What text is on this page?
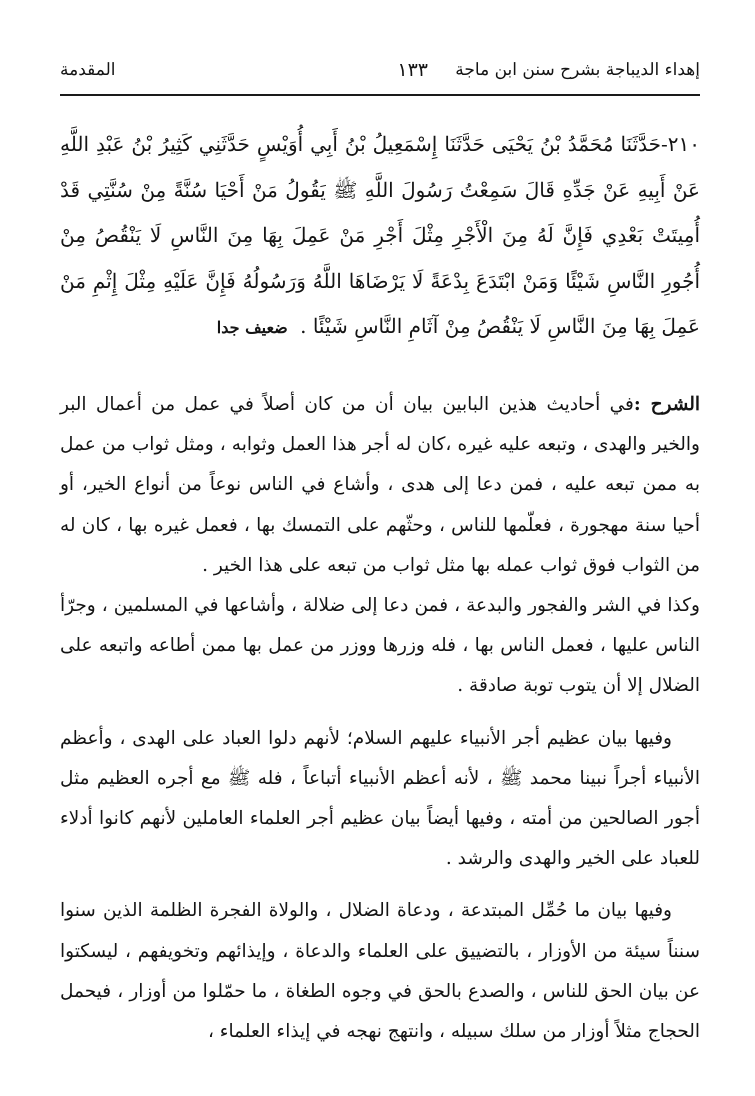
إهداء الديباجة بشرح سنن ابن ماجة
١٣٣
المقدمة
٢١٠-حَدَّثَنَا مُحَمَّدُ بْنُ يَحْيَى حَدَّثَنَا إِسْمَعِيلُ بْنُ أَبِي أُوَيْسٍ حَدَّثَنِي كَثِيرُ بْنُ عَبْدِ اللَّهِ عَنْ أَبِيهِ عَنْ جَدِّهِ قَالَ سَمِعْتُ رَسُولَ اللَّهِ ﷺ يَقُولُ مَنْ أَحْيَا سُنَّةً مِنْ سُنَّتِي قَدْ أُمِيتَتْ بَعْدِي فَإِنَّ لَهُ مِنَ الْأَجْرِ مِثْلَ أَجْرِ مَنْ عَمِلَ بِهَا مِنَ النَّاسِ لَا يَنْقُصُ مِنْ أُجُورِ النَّاسِ شَيْئًا وَمَنْ ابْتَدَعَ بِدْعَةً لَا يَرْضَاهَا اللَّهُ وَرَسُولُهُ فَإِنَّ عَلَيْهِ مِثْلَ إِثْمِ مَنْ عَمِلَ بِهَا مِنَ النَّاسِ لَا يَنْقُصُ مِنْ آثَامِ النَّاسِ شَيْئًا . ضعيف جدا

الشرح :في أحاديث هذين البابين بيان أن من كان أصلاً في عمل من أعمال البر والخير والهدى ، وتبعه عليه غيره ،كان له أجر هذا العمل وثوابه ، ومثل ثواب من عمل به ممن تبعه عليه ، فمن دعا إلى هدى ، وأشاع في الناس نوعاً من أنواع الخير، أو أحيا سنة مهجورة ، فعلّمها للناس ، وحثّهم على التمسك بها ، فعمل غيره بها ، كان له من الثواب فوق ثواب عمله بها مثل ثواب من تبعه على هذا الخير .

وكذا في الشر والفجور والبدعة ، فمن دعا إلى ضلالة ، وأشاعها في المسلمين ، وجرّأ الناس عليها ، فعمل الناس بها ، فله وزرها ووزر من عمل بها ممن أطاعه واتبعه على الضلال إلا أن يتوب توبة صادقة .

وفيها بيان عظيم أجر الأنبياء عليهم السلام؛ لأنهم دلوا العباد على الهدى ، وأعظم الأنبياء أجراً نبينا محمد ﷺ ، لأنه أعظم الأنبياء أتباعاً ، فله ﷺ مع أجره العظيم مثل أجور الصالحين من أمته ، وفيها أيضاً بيان عظيم أجر العلماء العاملين لأنهم كانوا أدلاء للعباد على الخير والهدى والرشد .

وفيها بيان ما حُمِّل المبتدعة ، ودعاة الضلال ، والولاة الفجرة الظلمة الذين سنوا سنناً سيئة من الأوزار ، بالتضييق على العلماء والدعاة ، وإيذائهم وتخويفهم ، ليسكتوا عن بيان الحق للناس ، والصدع بالحق في وجوه الطغاة ، ما حمّلوا من أوزار ، فيحمل الحجاج مثلاً أوزار من سلك سبيله ، وانتهج نهجه في إيذاء العلماء ،
